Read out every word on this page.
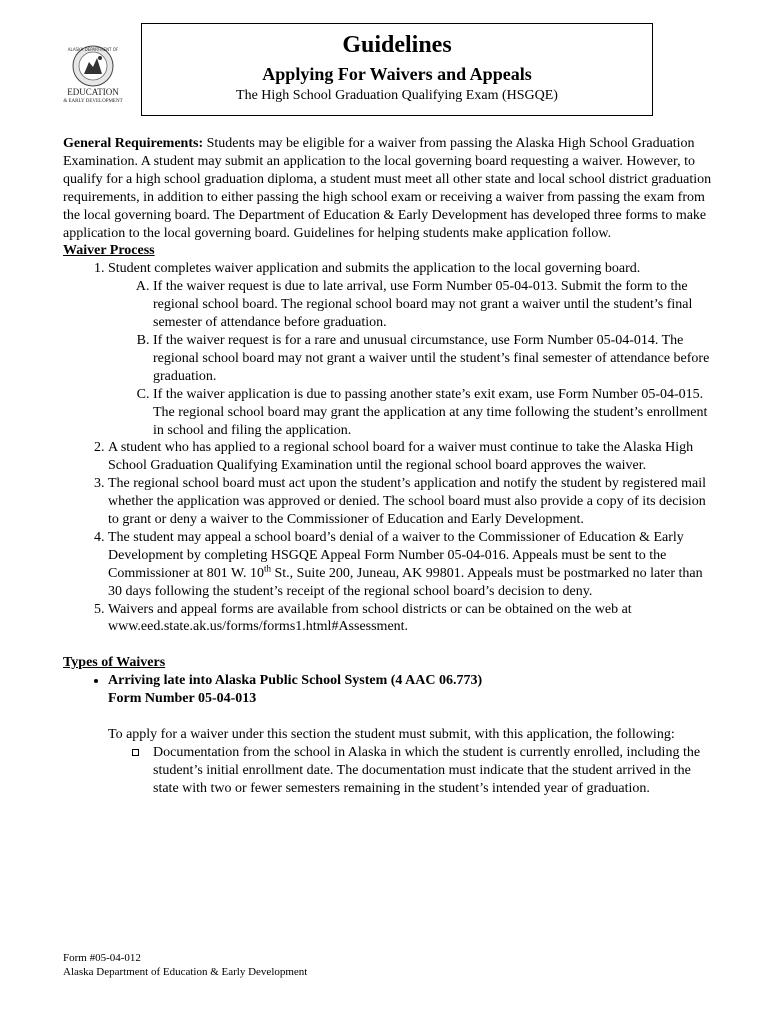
ALASKA DEPARTMENT OF
EDUCATION
& EARLY DEVELOPMENT
Guidelines
Applying For Waivers and Appeals
The High School Graduation Qualifying Exam (HSGQE)

General Requirements: Students may be eligible for a waiver from passing the Alaska High School Graduation Examination. A student may submit an application to the local governing board requesting a waiver. However, to qualify for a high school graduation diploma, a student must meet all other state and local school district graduation requirements, in addition to either passing the high school exam or receiving a waiver from passing the exam from the local governing board. The Department of Education & Early Development has developed three forms to make application to the local governing board. Guidelines for helping students make application follow.

Waiver Process
1. Student completes waiver application and submits the application to the local governing board.
A. If the waiver request is due to late arrival, use Form Number 05-04-013. Submit the form to the regional school board. The regional school board may not grant a waiver until the student’s final semester of attendance before graduation.
B. If the waiver request is for a rare and unusual circumstance, use Form Number 05-04-014. The regional school board may not grant a waiver until the student’s final semester of attendance before graduation.
C. If the waiver application is due to passing another state’s exit exam, use Form Number 05-04-015. The regional school board may grant the application at any time following the student’s enrollment in school and filing the application.
2. A student who has applied to a regional school board for a waiver must continue to take the Alaska High School Graduation Qualifying Examination until the regional school board approves the waiver.
3. The regional school board must act upon the student’s application and notify the student by registered mail whether the application was approved or denied. The school board must also provide a copy of its decision to grant or deny a waiver to the Commissioner of Education and Early Development.
4. The student may appeal a school board’s denial of a waiver to the Commissioner of Education & Early Development by completing HSGQE Appeal Form Number 05-04-016. Appeals must be sent to the Commissioner at 801 W. 10th St., Suite 200, Juneau, AK 99801. Appeals must be postmarked no later than 30 days following the student’s receipt of the regional school board’s decision to deny.
5. Waivers and appeal forms are available from school districts or can be obtained on the web at www.eed.state.ak.us/forms/forms1.html#Assessment.
Types of Waivers
• Arriving late into Alaska Public School System (4 AAC 06.773)
Form Number 05-04-013

To apply for a waiver under this section the student must submit, with this application, the following:

Documentation from the school in Alaska in which the student is currently enrolled, including the student’s initial enrollment date. The documentation must indicate that the student arrived in the state with two or fewer semesters remaining in the student’s intended year of graduation.
Form #05-04-012
Alaska Department of Education & Early Development
